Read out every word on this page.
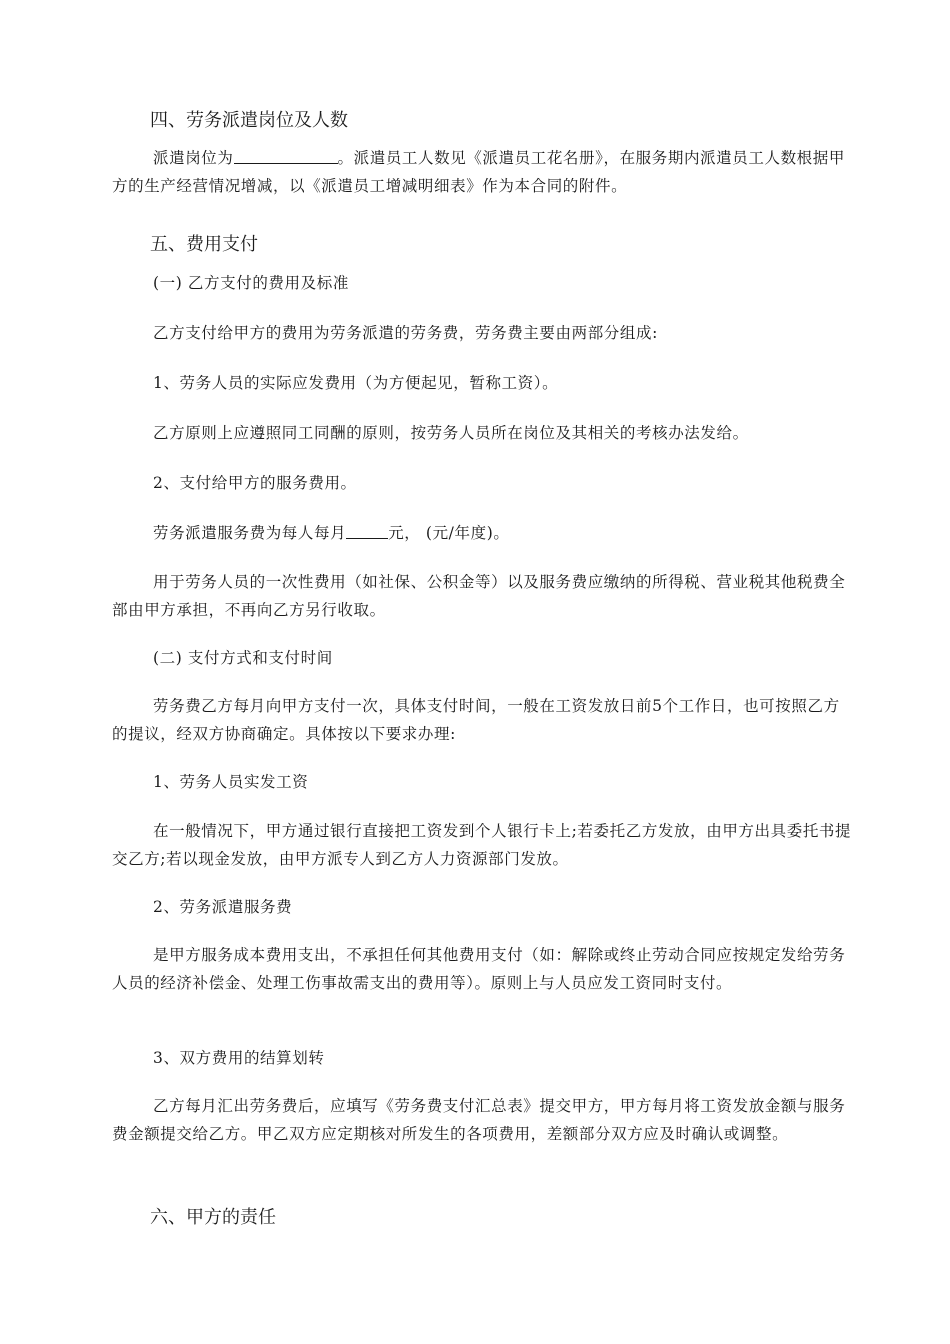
四、劳务派遣岗位及人数

派遣岗位为	。派遣员工人数见《派遣员工花名册》，在服务期内派遣员工人数根据甲方的生产经营情况增减，以《派遣员工增减明细表》作为本合同的附件。

五、费用支付

(一) 乙方支付的费用及标准

乙方支付给甲方的费用为劳务派遣的劳务费，劳务费主要由两部分组成:

1、劳务人员的实际应发费用（为方便起见，暂称工资）。

乙方原则上应遵照同工同酬的原则，按劳务人员所在岗位及其相关的考核办法发给。

2、支付给甲方的服务费用。

劳务派遣服务费为每人每月	元， (元/年度)。

用于劳务人员的一次性费用（如社保、公积金等）以及服务费应缴纳的所得税、营业税其他税费全部由甲方承担，不再向乙方另行收取。

(二) 支付方式和支付时间

劳务费乙方每月向甲方支付一次，具体支付时间，一般在工资发放日前5个工作日，也可按照乙方的提议，经双方协商确定。具体按以下要求办理:

1、劳务人员实发工资

在一般情况下，甲方通过银行直接把工资发到个人银行卡上;若委托乙方发放，由甲方出具委托书提交乙方;若以现金发放，由甲方派专人到乙方人力资源部门发放。

2、劳务派遣服务费

是甲方服务成本费用支出，不承担任何其他费用支付（如：解除或终止劳动合同应按规定发给劳务人员的经济补偿金、处理工伤事故需支出的费用等）。原则上与人员应发工资同时支付。

3、双方费用的结算划转

乙方每月汇出劳务费后，应填写《劳务费支付汇总表》提交甲方，甲方每月将工资发放金额与服务费金额提交给乙方。甲乙双方应定期核对所发生的各项费用，差额部分双方应及时确认或调整。

六、甲方的责任
